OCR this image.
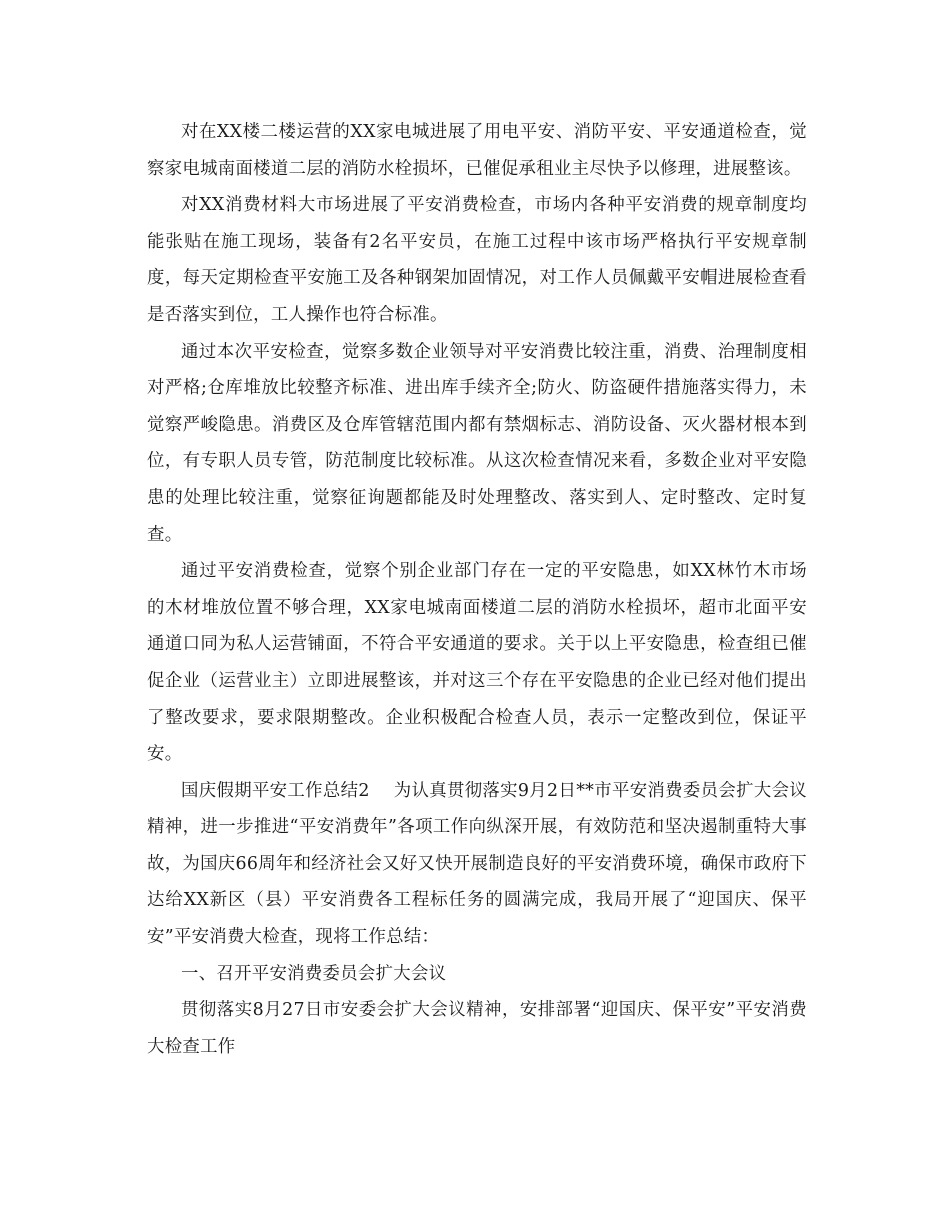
对在XX楼二楼运营的XX家电城进展了用电平安、消防平安、平安通道检查，觉察家电城南面楼道二层的消防水栓损坏，已催促承租业主尽快予以修理，进展整该。

对XX消费材料大市场进展了平安消费检查，市场内各种平安消费的规章制度均能张贴在施工现场，装备有2名平安员，在施工过程中该市场严格执行平安规章制度，每天定期检查平安施工及各种钢架加固情况，对工作人员佩戴平安帽进展检查看是否落实到位，工人操作也符合标准。

通过本次平安检查，觉察多数企业领导对平安消费比较注重，消费、治理制度相对严格;仓库堆放比较整齐标准、进出库手续齐全;防火、防盗硬件措施落实得力，未觉察严峻隐患。消费区及仓库管辖范围内都有禁烟标志、消防设备、灭火器材根本到位，有专职人员专管，防范制度比较标准。从这次检查情况来看，多数企业对平安隐患的处理比较注重，觉察征询题都能及时处理整改、落实到人、定时整改、定时复查。

通过平安消费检查，觉察个别企业部门存在一定的平安隐患，如XX林竹木市场的木材堆放位置不够合理，XX家电城南面楼道二层的消防水栓损坏，超市北面平安通道口同为私人运营铺面，不符合平安通道的要求。关于以上平安隐患，检查组已催促企业（运营业主）立即进展整该，并对这三个存在平安隐患的企业已经对他们提出了整改要求，要求限期整改。企业积极配合检查人员，表示一定整改到位，保证平安。

国庆假期平安工作总结2 为认真贯彻落实9月2日**市平安消费委员会扩大会议精神，进一步推进“平安消费年”各项工作向纵深开展，有效防范和坚决遏制重特大事故，为国庆66周年和经济社会又好又快开展制造良好的平安消费环境，确保市政府下达给XX新区（县）平安消费各工程标任务的圆满完成，我局开展了“迎国庆、保平安”平安消费大检查，现将工作总结：

一、召开平安消费委员会扩大会议

贯彻落实8月27日市安委会扩大会议精神，安排部署“迎国庆、保平安”平安消费大检查工作
